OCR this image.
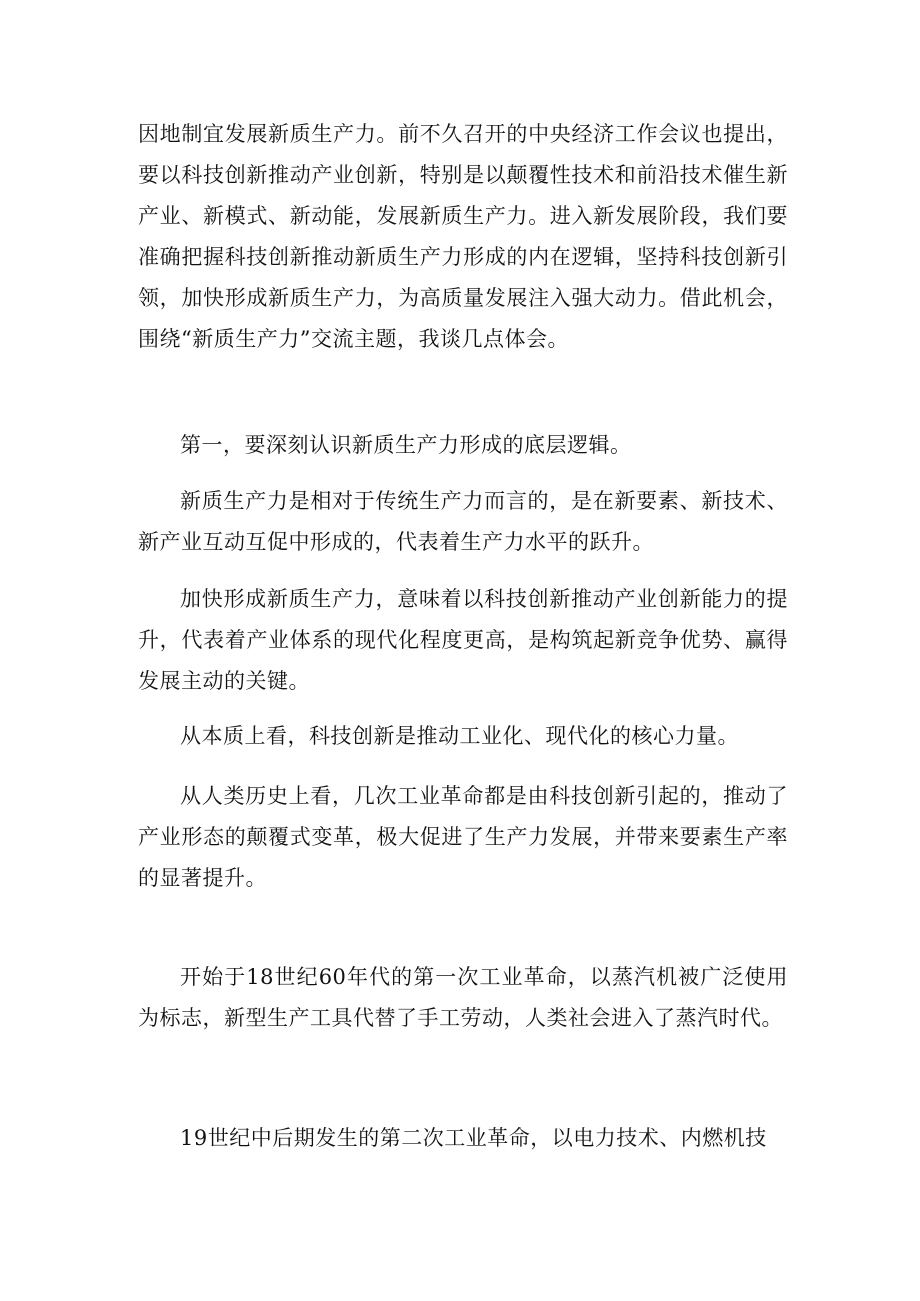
因地制宜发展新质生产力。前不久召开的中央经济工作会议也提出，要以科技创新推动产业创新，特别是以颠覆性技术和前沿技术催生新产业、新模式、新动能，发展新质生产力。进入新发展阶段，我们要准确把握科技创新推动新质生产力形成的内在逻辑，坚持科技创新引领，加快形成新质生产力，为高质量发展注入强大动力。借此机会，围绕“新质生产力”交流主题，我谈几点体会。

第一，要深刻认识新质生产力形成的底层逻辑。

新质生产力是相对于传统生产力而言的，是在新要素、新技术、新产业互动互促中形成的，代表着生产力水平的跃升。

加快形成新质生产力，意味着以科技创新推动产业创新能力的提升，代表着产业体系的现代化程度更高，是构筑起新竞争优势、赢得发展主动的关键。

从本质上看，科技创新是推动工业化、现代化的核心力量。

从人类历史上看，几次工业革命都是由科技创新引起的，推动了产业形态的颠覆式变革，极大促进了生产力发展，并带来要素生产率的显著提升。

开始于18世纪60年代的第一次工业革命，以蒸汽机被广泛使用为标志，新型生产工具代替了手工劳动，人类社会进入了蒸汽时代。

19世纪中后期发生的第二次工业革命，以电力技术、内燃机技
